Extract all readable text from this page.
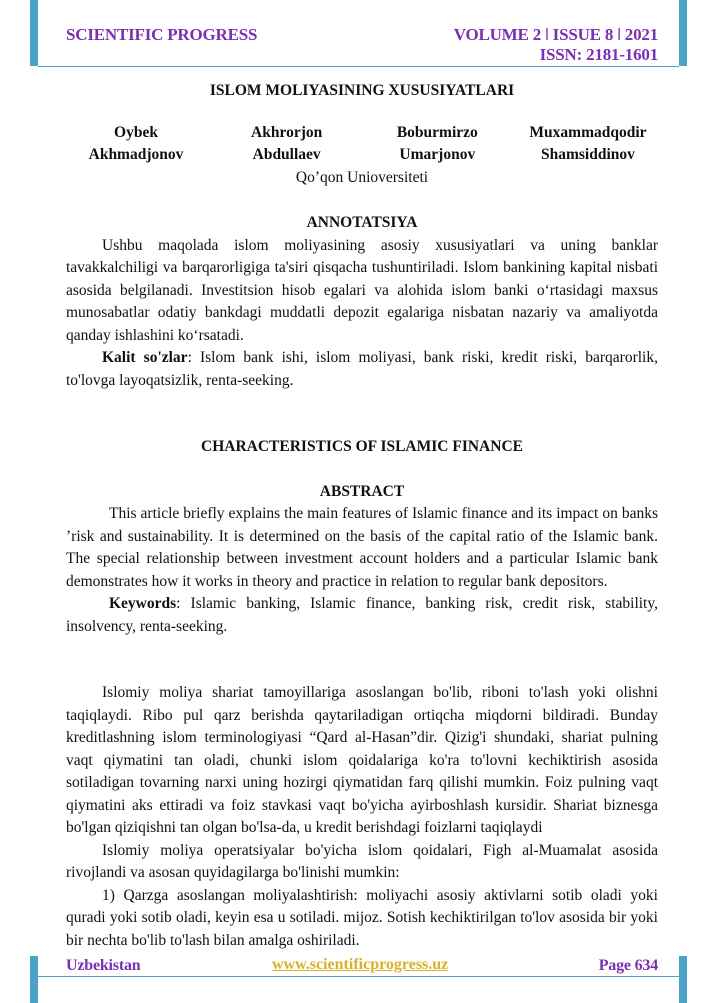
SCIENTIFIC PROGRESS	VOLUME 2 ǀ ISSUE 8 ǀ 2021
ISSN: 2181-1601

ISLOM MOLIYASINING XUSUSIYATLARI

Oybek
Akhmadjonov
Akhrorjon
Abdullaev
Boburmirzo
Umarjonov
Muxammadqodir
Shamsiddinov

Qo’qon Unioversiteti

ANNOTATSIYA

Ushbu maqolada islom moliyasining asosiy xususiyatlari va uning banklar tavakkalchiligi va barqarorligiga ta'siri qisqacha tushuntiriladi. Islom bankining kapital nisbati asosida belgilanadi. Investitsion hisob egalari va alohida islom banki o‘rtasidagi maxsus munosabatlar odatiy bankdagi muddatli depozit egalariga nisbatan nazariy va amaliyotda qanday ishlashini ko‘rsatadi.

Kalit so'zlar: Islom bank ishi, islom moliyasi, bank riski, kredit riski, barqarorlik, to'lovga layoqatsizlik, renta-seeking.

CHARACTERISTICS OF ISLAMIC FINANCE

ABSTRACT

This article briefly explains the main features of Islamic finance and its impact on banks ’risk and sustainability. It is determined on the basis of the capital ratio of the Islamic bank. The special relationship between investment account holders and a particular Islamic bank demonstrates how it works in theory and practice in relation to regular bank depositors.

Keywords: Islamic banking, Islamic finance, banking risk, credit risk, stability, insolvency, renta-seeking.

Islomiy moliya shariat tamoyillariga asoslangan bo'lib, riboni to'lash yoki olishni taqiqlaydi. Ribo pul qarz berishda qaytariladigan ortiqcha miqdorni bildiradi. Bunday kreditlashning islom terminologiyasi “Qard al-Hasan”dir. Qizig'i shundaki, shariat pulning vaqt qiymatini tan oladi, chunki islom qoidalariga ko'ra to'lovni kechiktirish asosida sotiladigan tovarning narxi uning hozirgi qiymatidan farq qilishi mumkin. Foiz pulning vaqt qiymatini aks ettiradi va foiz stavkasi vaqt bo'yicha ayirboshlash kursidir. Shariat biznesga bo'lgan qiziqishni tan olgan bo'lsa-da, u kredit berishdagi foizlarni taqiqlaydi

Islomiy moliya operatsiyalar bo'yicha islom qoidalari, Figh al-Muamalat asosida rivojlandi va asosan quyidagilarga bo'linishi mumkin:

1) Qarzga asoslangan moliyalashtirish: moliyachi asosiy aktivlarni sotib oladi yoki quradi yoki sotib oladi, keyin esa u sotiladi. mijoz. Sotish kechiktirilgan to'lov asosida bir yoki bir nechta bo'lib to'lash bilan amalga oshiriladi.

Uzbekistan	www.scientificprogress.uz	Page 634
